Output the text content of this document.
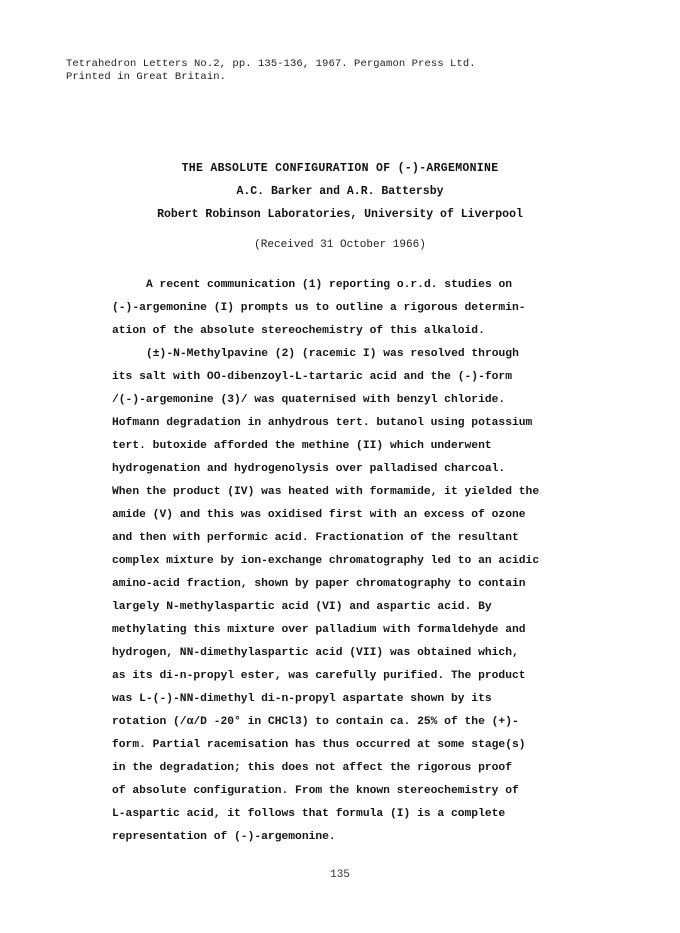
Tetrahedron Letters No.2, pp. 135-136, 1967. Pergamon Press Ltd.
Printed in Great Britain.
THE ABSOLUTE CONFIGURATION OF (-)-ARGEMONINE
A.C. Barker and A.R. Battersby
Robert Robinson Laboratories, University of Liverpool
(Received 31 October 1966)
A recent communication (1) reporting o.r.d. studies on
(-)-argemonine (I) prompts us to outline a rigorous determin-
ation of the absolute stereochemistry of this alkaloid.
(±)-N-Methylpavine (2) (racemic I) was resolved through
its salt with OO-dibenzoyl-L-tartaric acid and the (-)-form
/(-)-argemonine (3)/ was quaternised with benzyl chloride.
Hofmann degradation in anhydrous tert. butanol using potassium
tert. butoxide afforded the methine (II) which underwent
hydrogenation and hydrogenolysis over palladised charcoal.
When the product (IV) was heated with formamide, it yielded the
amide (V) and this was oxidised first with an excess of ozone
and then with performic acid. Fractionation of the resultant
complex mixture by ion-exchange chromatography led to an acidic
amino-acid fraction, shown by paper chromatography to contain
largely N-methylaspartic acid (VI) and aspartic acid. By
methylating this mixture over palladium with formaldehyde and
hydrogen, NN-dimethylaspartic acid (VII) was obtained which,
as its di-n-propyl ester, was carefully purified. The product
was L-(-)-NN-dimethyl di-n-propyl aspartate shown by its
rotation (/α/D -20° in CHCl3) to contain ca. 25% of the (+)-
form. Partial racemisation has thus occurred at some stage(s)
in the degradation; this does not affect the rigorous proof
of absolute configuration. From the known stereochemistry of
L-aspartic acid, it follows that formula (I) is a complete
representation of (-)-argemonine.
135
